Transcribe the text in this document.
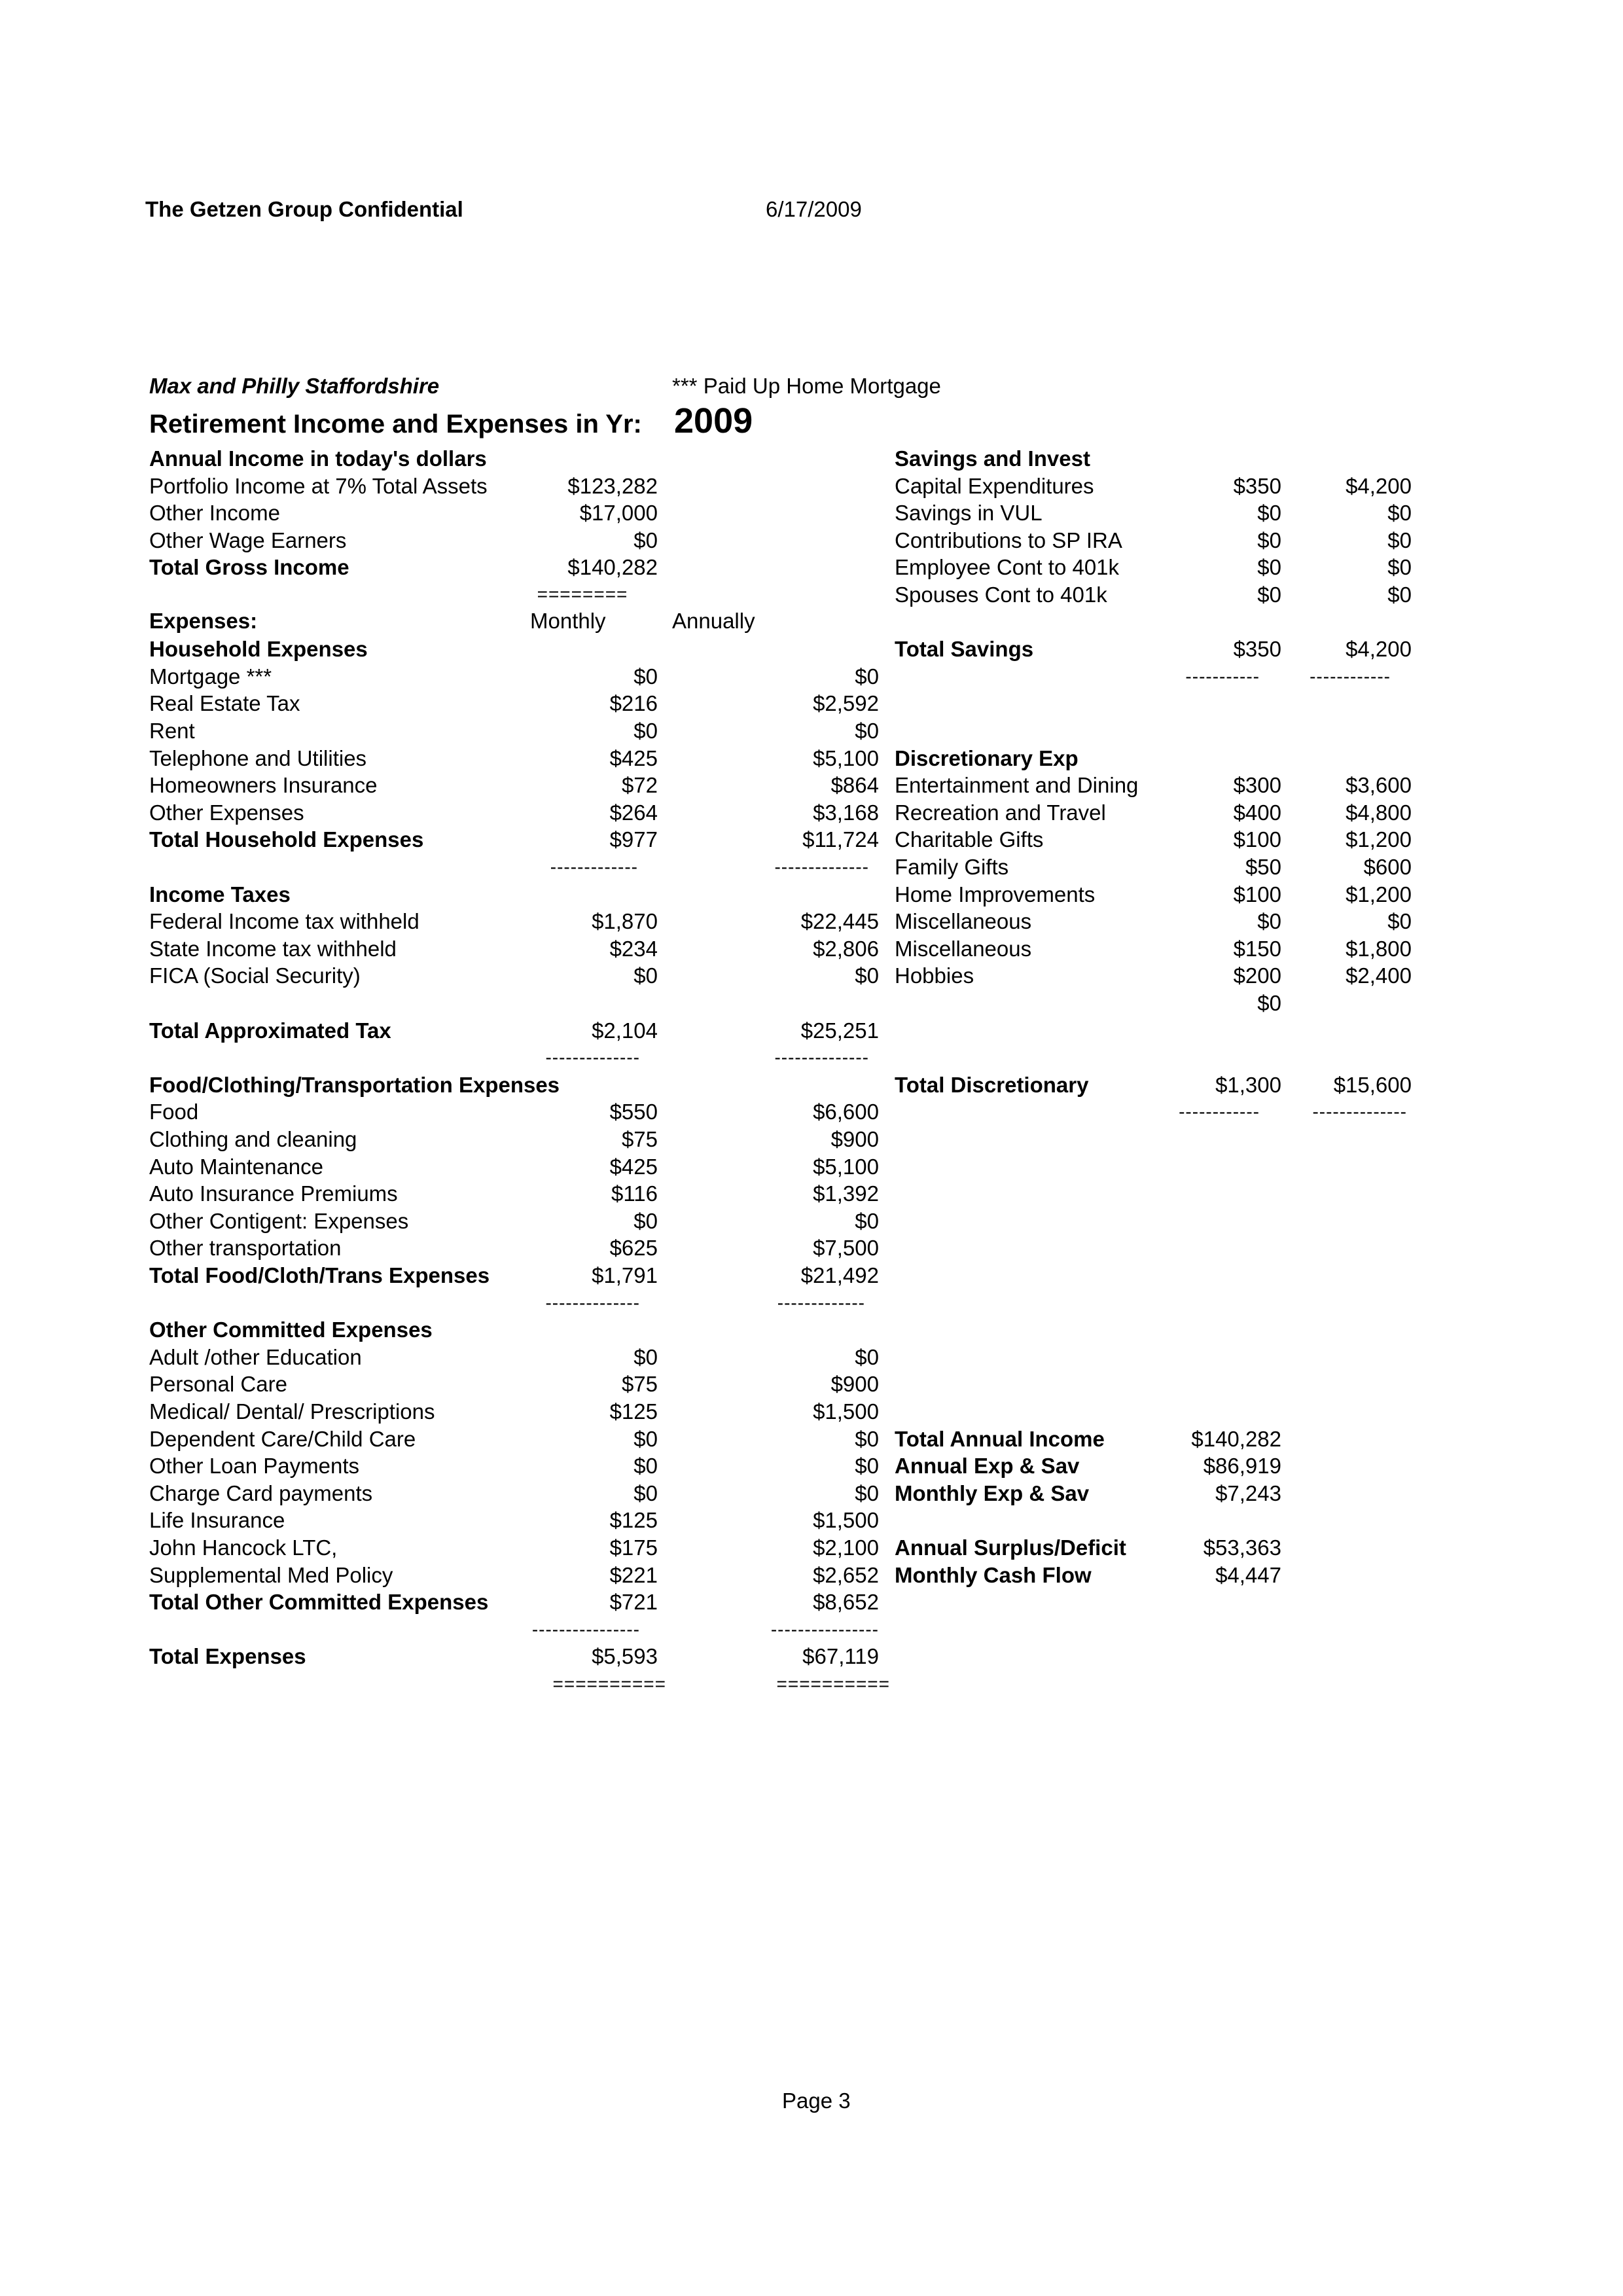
The Getzen Group Confidential	6/17/2009
Max and Philly Staffordshire	*** Paid Up Home Mortgage
Retirement Income and Expenses in Yr: 2009
Annual Income in today's dollars
Portfolio Income at 7% Total Assets	$123,282
Other Income	$17,000
Other Wage Earners	$0
Total Gross Income	$140,282
========
Expenses:	Monthly	Annually
Household Expenses
Mortgage ***	$0	$0
Real Estate Tax	$216	$2,592
Rent	$0	$0
Telephone and Utilities	$425	$5,100
Homeowners Insurance	$72	$864
Other Expenses	$264	$3,168
Total Household Expenses	$977	$11,724
-------------	--------------
Income Taxes
Federal Income tax withheld	$1,870	$22,445
State Income tax withheld	$234	$2,806
FICA (Social Security)	$0	$0
Total Approximated Tax	$2,104	$25,251
--------------	--------------
Food/Clothing/Transportation Expenses
Food	$550	$6,600
Clothing and cleaning	$75	$900
Auto Maintenance	$425	$5,100
Auto Insurance Premiums	$116	$1,392
Other Contigent: Expenses	$0	$0
Other transportation	$625	$7,500
Total Food/Cloth/Trans Expenses	$1,791	$21,492
--------------	-------------
Other Committed Expenses
Adult /other Education	$0	$0
Personal Care	$75	$900
Medical/ Dental/ Prescriptions	$125	$1,500
Dependent Care/Child Care	$0	$0
Other Loan Payments	$0	$0
Charge Card payments	$0	$0
Life Insurance	$125	$1,500
John Hancock LTC,	$175	$2,100
Supplemental Med Policy	$221	$2,652
Total Other Committed Expenses	$721	$8,652
----------------	----------------
Total Expenses	$5,593	$67,119
==========	==========
Savings and Invest
Capital Expenditures	$350	$4,200
Savings in VUL	$0	$0
Contributions to SP IRA	$0	$0
Employee Cont to 401k	$0	$0
Spouses Cont to 401k	$0	$0
Total Savings	$350	$4,200
-----------	------------
Discretionary Exp
Entertainment and Dining	$300	$3,600
Recreation and Travel	$400	$4,800
Charitable Gifts	$100	$1,200
Family Gifts	$50	$600
Home Improvements	$100	$1,200
Miscellaneous	$0	$0
Miscellaneous	$150	$1,800
Hobbies	$200	$2,400
$0
Total Discretionary	$1,300	$15,600
------------	--------------
Total Annual Income	$140,282
Annual Exp & Sav	$86,919
Monthly Exp & Sav	$7,243
Annual Surplus/Deficit	$53,363
Monthly Cash Flow	$4,447
Page 3
